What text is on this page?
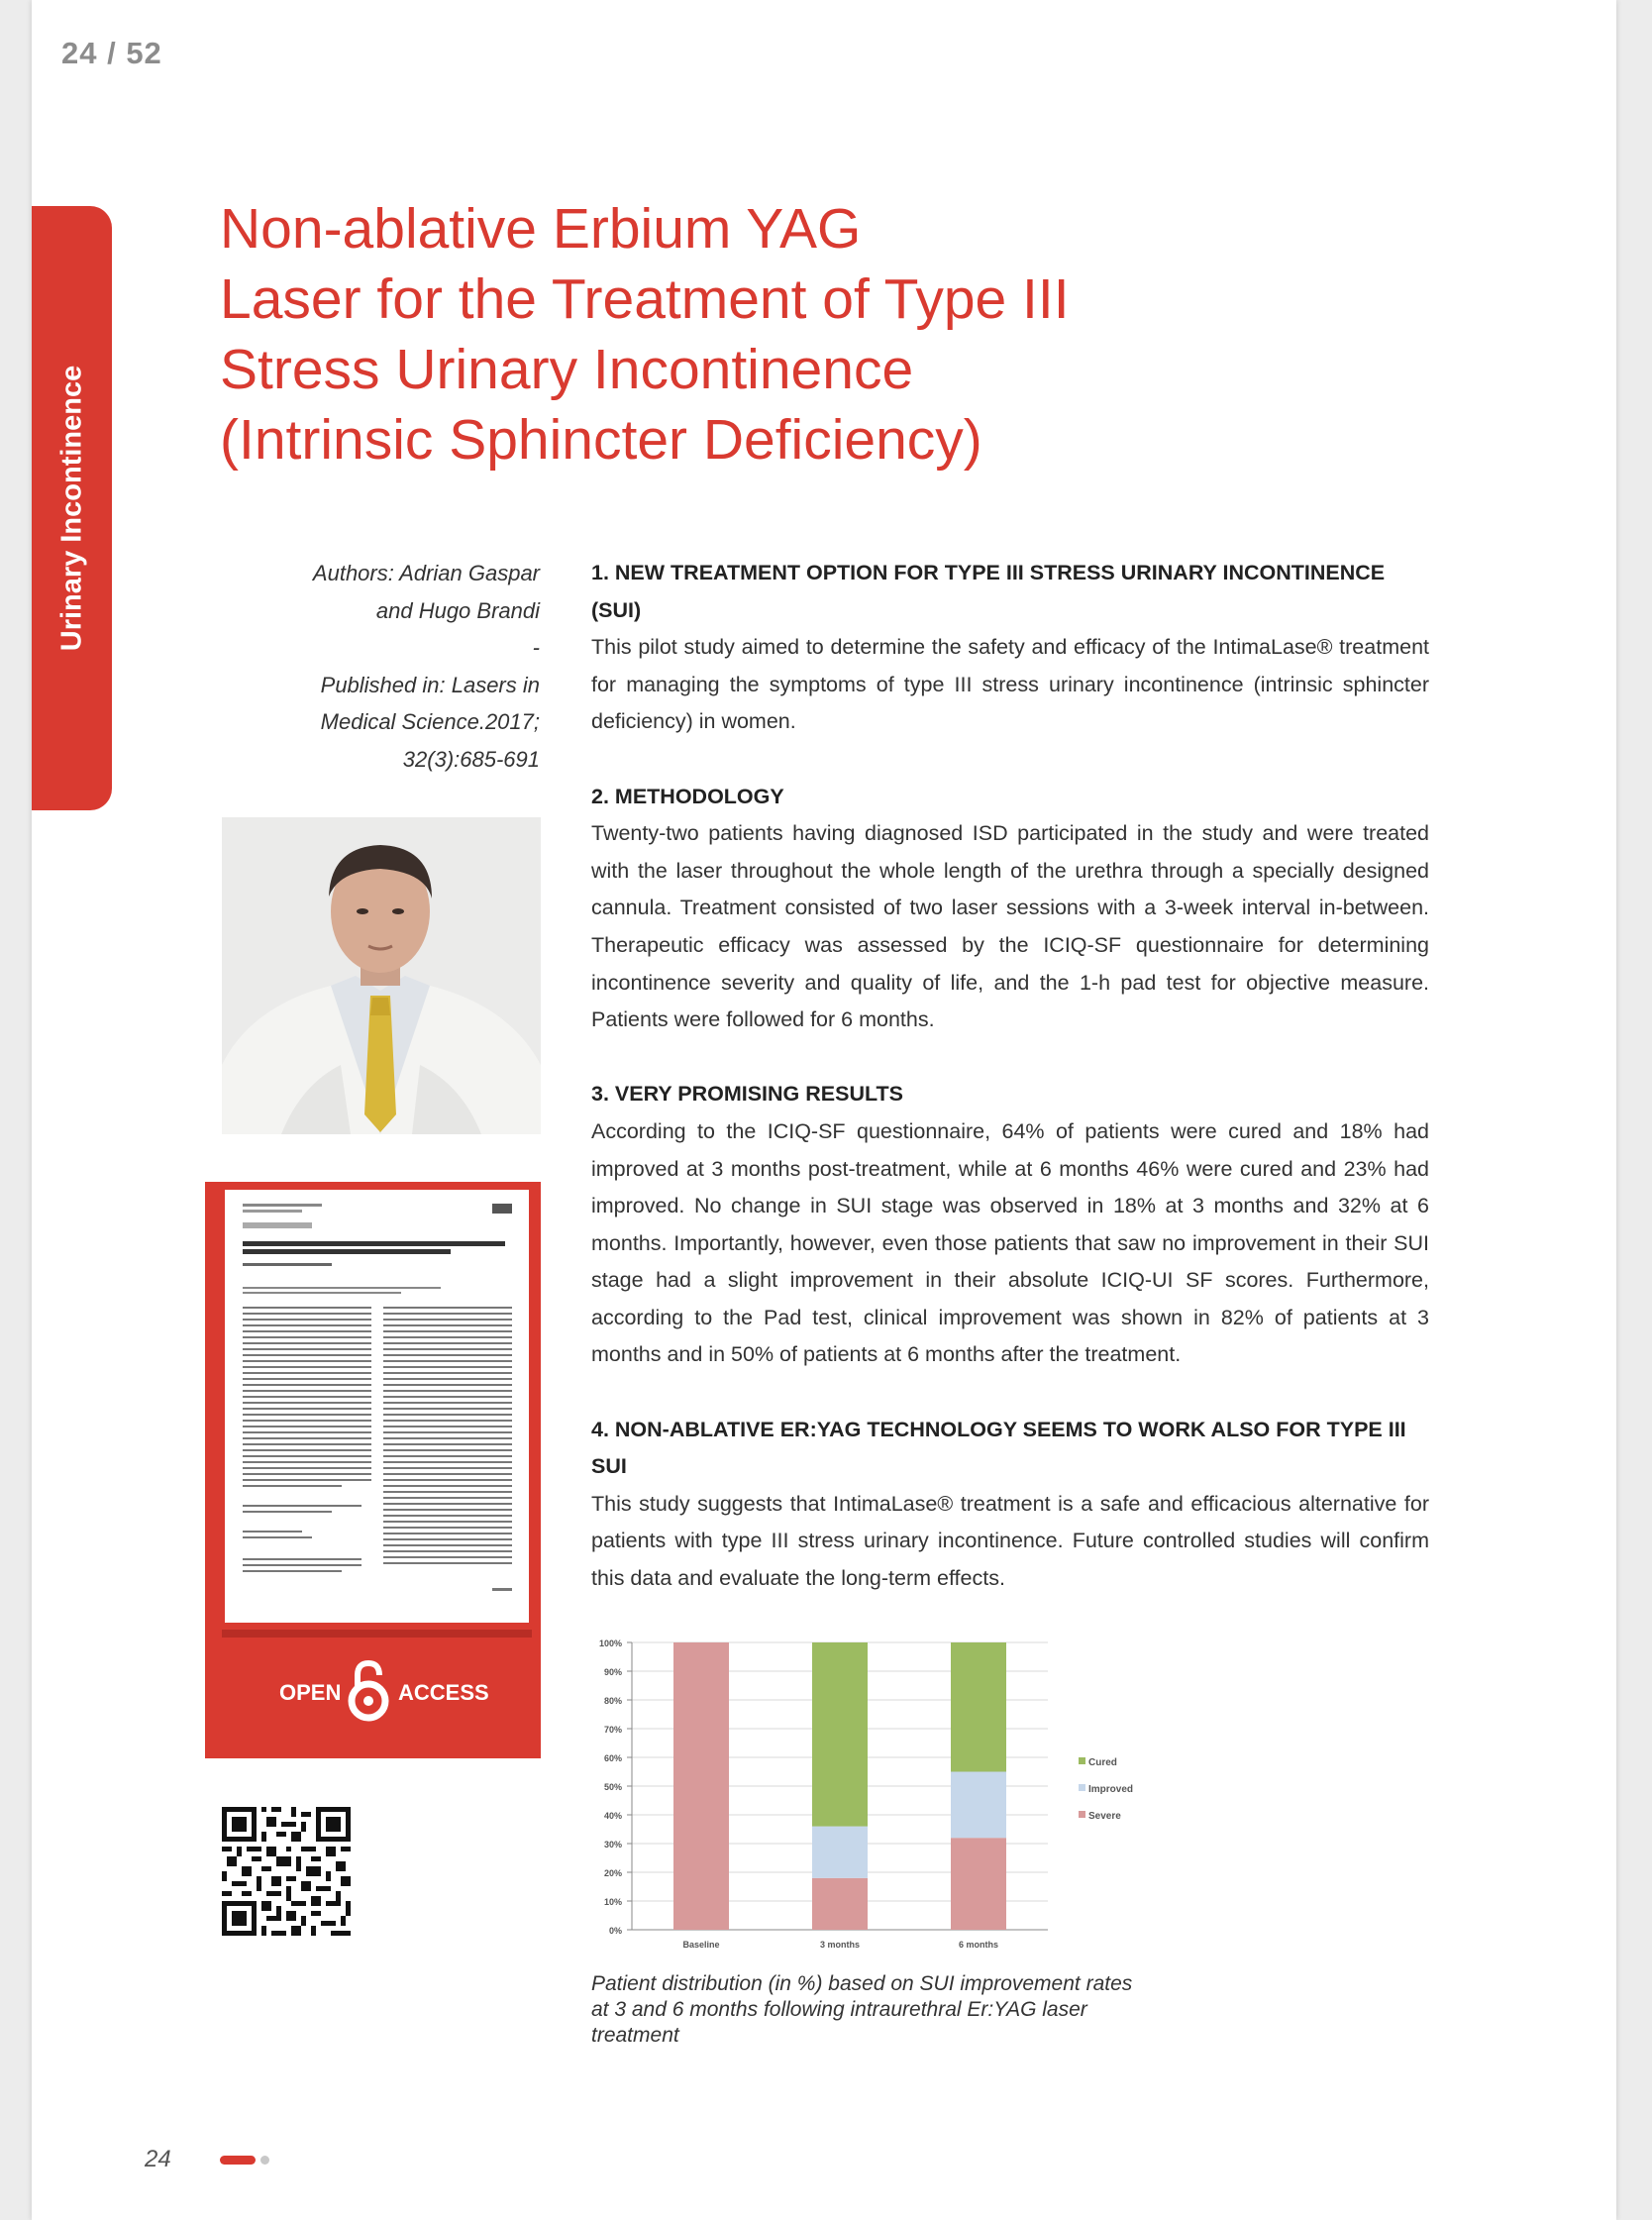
24 / 52
Urinary Incontinence
Non-ablative Erbium YAG
Laser for the Treatment of Type III
Stress Urinary Incontinence
(Intrinsic Sphincter Deficiency)
Authors: Adrian Gaspar
and Hugo Brandi
-
Published in: Lasers in
Medical Science.2017;
32(3):685-691
OPEN	ACCESS
1. NEW TREATMENT OPTION FOR TYPE III STRESS URINARY INCONTINENCE (SUI)

This pilot study aimed to determine the safety and efficacy of the IntimaLase® treatment for managing the symptoms of type III stress urinary incontinence (intrinsic sphincter deficiency) in women.

2. METHODOLOGY

Twenty-two patients having diagnosed ISD participated in the study and were treated with the laser throughout the whole length of the urethra through a specially designed cannula. Treatment consisted of two laser sessions with a 3-week interval in-between. Therapeutic efficacy was assessed by the ICIQ-SF questionnaire for determining incontinence severity and quality of life, and the 1-h pad test for objective measure. Patients were followed for 6 months.

3. VERY PROMISING RESULTS

According to the ICIQ-SF questionnaire, 64% of patients were cured and 18% had improved at 3 months post-treatment, while at 6 months 46% were cured and 23% had improved. No change in SUI stage was observed in 18% at 3 months and 32% at 6 months. Importantly, however, even those patients that saw no improvement in their SUI stage had a slight improvement in their absolute ICIQ-UI SF scores. Furthermore, according to the Pad test, clinical improvement was shown in 82% of patients at 3 months and in 50% of patients at 6 months after the treatment.

4. NON-ABLATIVE ER:YAG TECHNOLOGY SEEMS TO WORK ALSO FOR TYPE III SUI

This study suggests that IntimaLase® treatment is a safe and efficacious alternative for patients with type III stress urinary incontinence. Future controlled studies will confirm this data and evaluate the long-term effects.

0%
10%
20%
30%
40%
50%
60%
70%
80%
90%
100%
Baseline	3 months	6 months
Cured
Improved
Severe
Patient distribution (in %) based on SUI improvement rates at 3 and 6 months following intraurethral Er:YAG laser treatment
24
